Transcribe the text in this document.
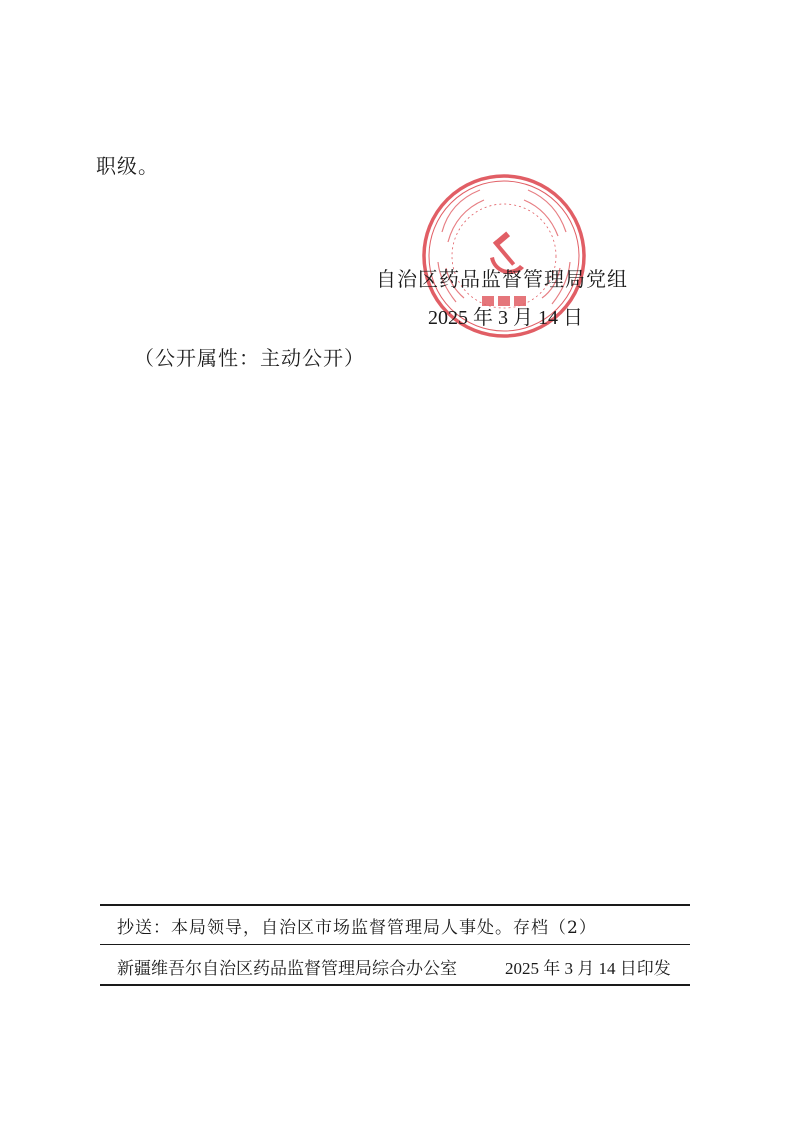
职级。
自治区药品监督管理局党组
2025 年 3 月 14 日
（公开属性：主动公开）
抄送：本局领导，自治区市场监督管理局人事处。存档（2）
新疆维吾尔自治区药品监督管理局综合办公室	2025 年 3 月 14 日印发
